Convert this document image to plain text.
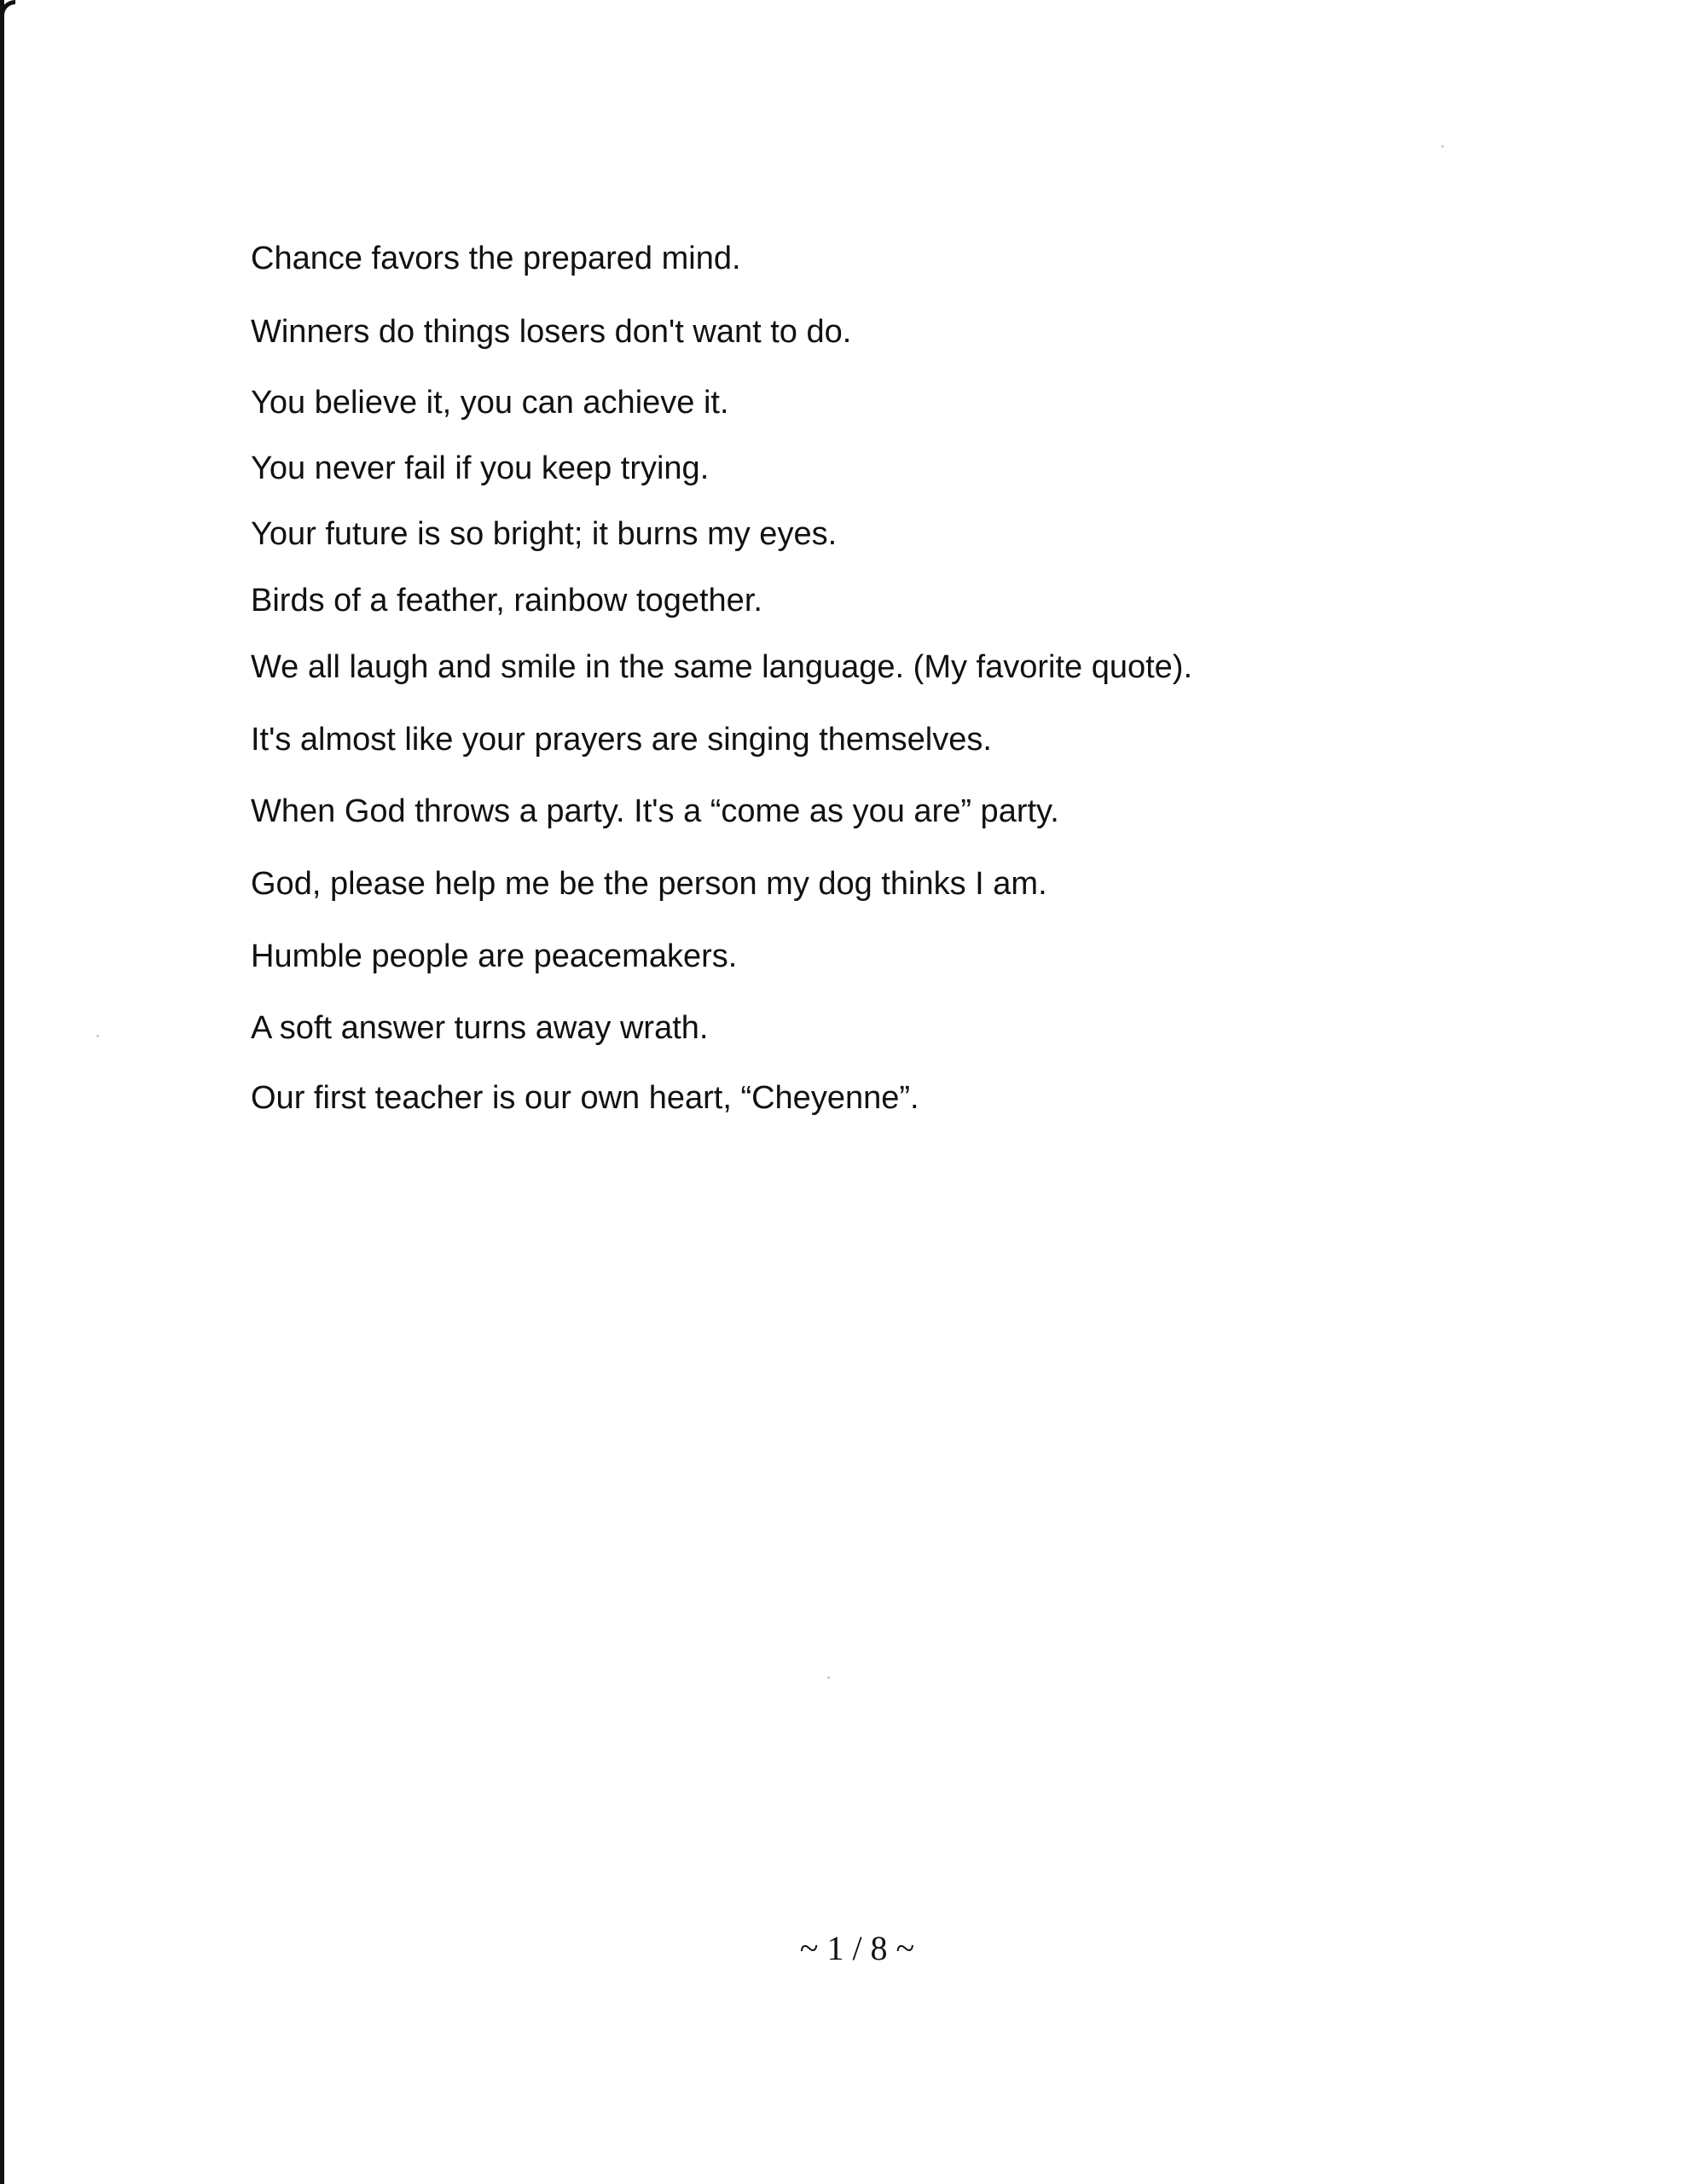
Chance favors the prepared mind.
Winners do things losers don't want to do.
You believe it, you can achieve it.
You never fail if you keep trying.
Your future is so bright; it burns my eyes.
Birds of a feather, rainbow together.
We all laugh and smile in the same language. (My favorite quote).
It's almost like your prayers are singing themselves.
When God throws a party. It's a “come as you are” party.
God, please help me be the person my dog thinks I am.
Humble people are peacemakers.
A soft answer turns away wrath.
Our first teacher is our own heart, “Cheyenne”.
~ 1 / 8 ~
